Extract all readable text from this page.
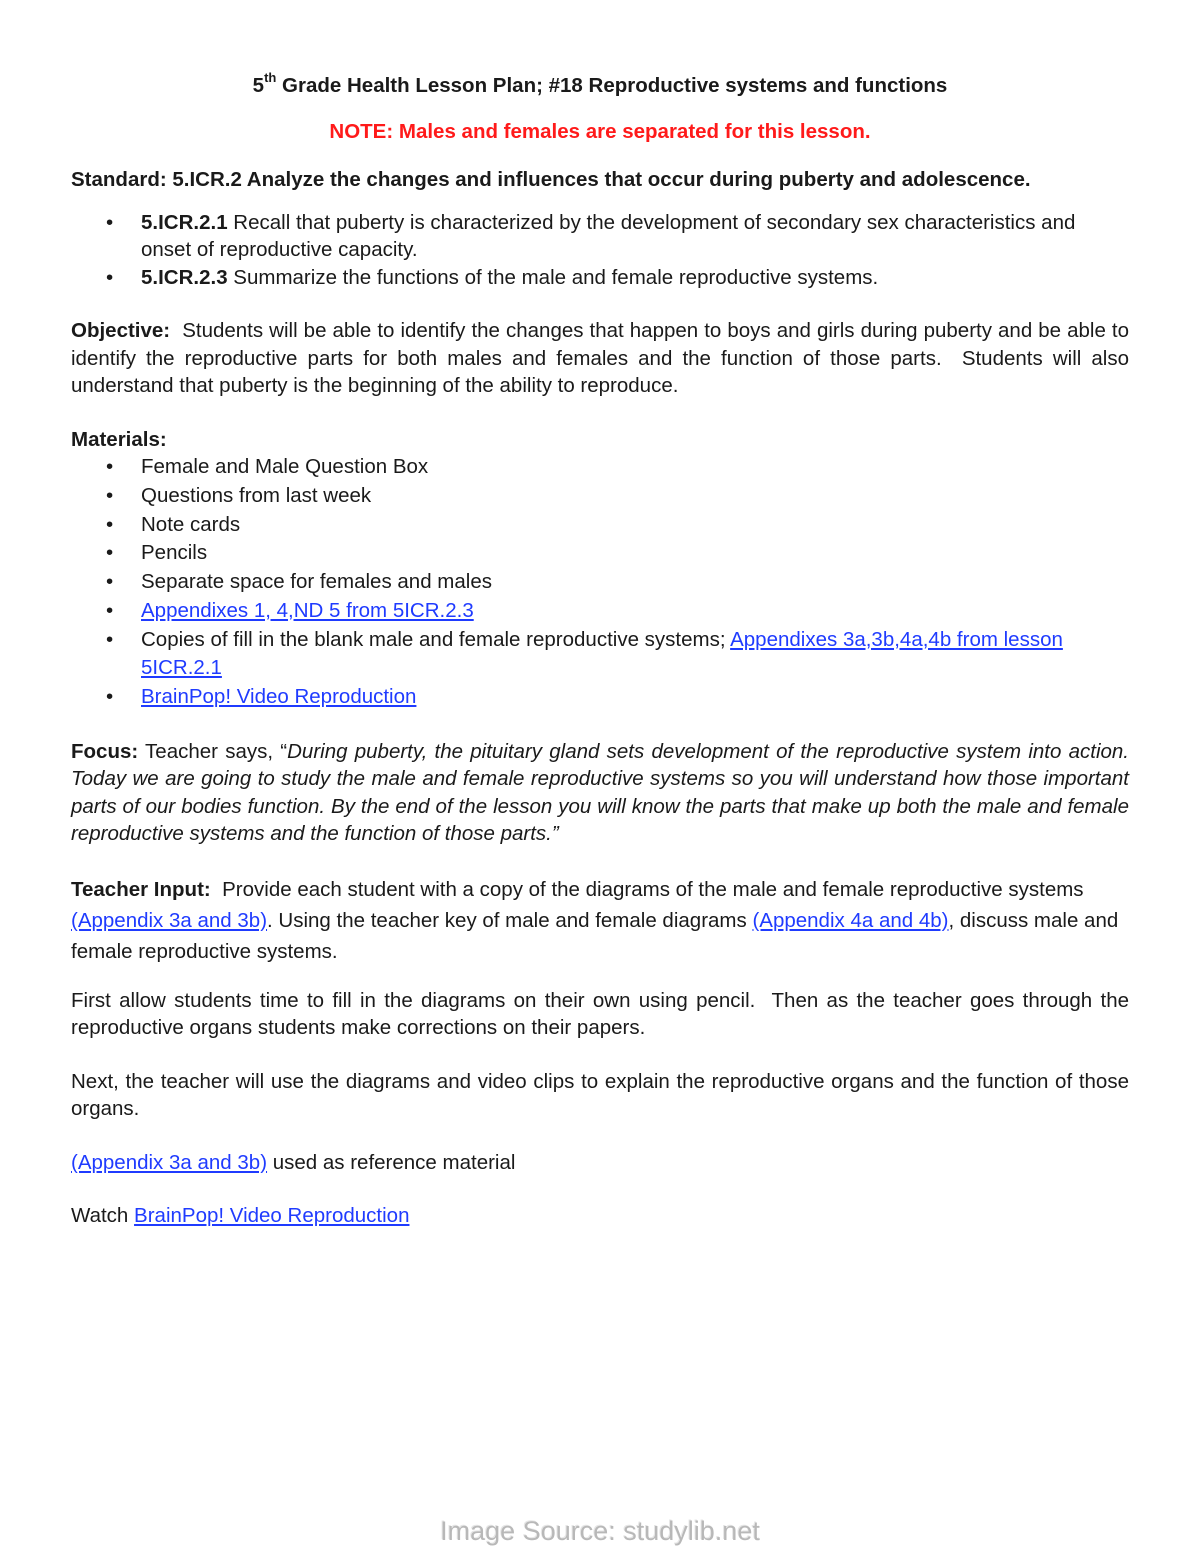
5th Grade Health Lesson Plan; #18 Reproductive systems and functions
NOTE: Males and females are separated for this lesson.
Standard: 5.ICR.2 Analyze the changes and influences that occur during puberty and adolescence.
• 5.ICR.2.1 Recall that puberty is characterized by the development of secondary sex characteristics and onset of reproductive capacity.
• 5.ICR.2.3 Summarize the functions of the male and female reproductive systems.
Objective:  Students will be able to identify the changes that happen to boys and girls during puberty and be able to identify the reproductive parts for both males and females and the function of those parts.  Students will also understand that puberty is the beginning of the ability to reproduce.
Materials:
• Female and Male Question Box
• Questions from last week
• Note cards
• Pencils
• Separate space for females and males
• Appendixes 1, 4,ND 5 from 5ICR.2.3
• Copies of fill in the blank male and female reproductive systems; Appendixes 3a,3b,4a,4b from lesson 5ICR.2.1
• BrainPop! Video Reproduction
Focus: Teacher says, “During puberty, the pituitary gland sets development of the reproductive system into action. Today we are going to study the male and female reproductive systems so you will understand how those important parts of our bodies function. By the end of the lesson you will know the parts that make up both the male and female reproductive systems and the function of those parts.”
Teacher Input:  Provide each student with a copy of the diagrams of the male and female reproductive systems (Appendix 3a and 3b). Using the teacher key of male and female diagrams (Appendix 4a and 4b), discuss male and female reproductive systems.
First allow students time to fill in the diagrams on their own using pencil.  Then as the teacher goes through the reproductive organs students make corrections on their papers.
Next, the teacher will use the diagrams and video clips to explain the reproductive organs and the function of those organs.
(Appendix 3a and 3b) used as reference material
Watch BrainPop! Video Reproduction
Image Source: studylib.net
